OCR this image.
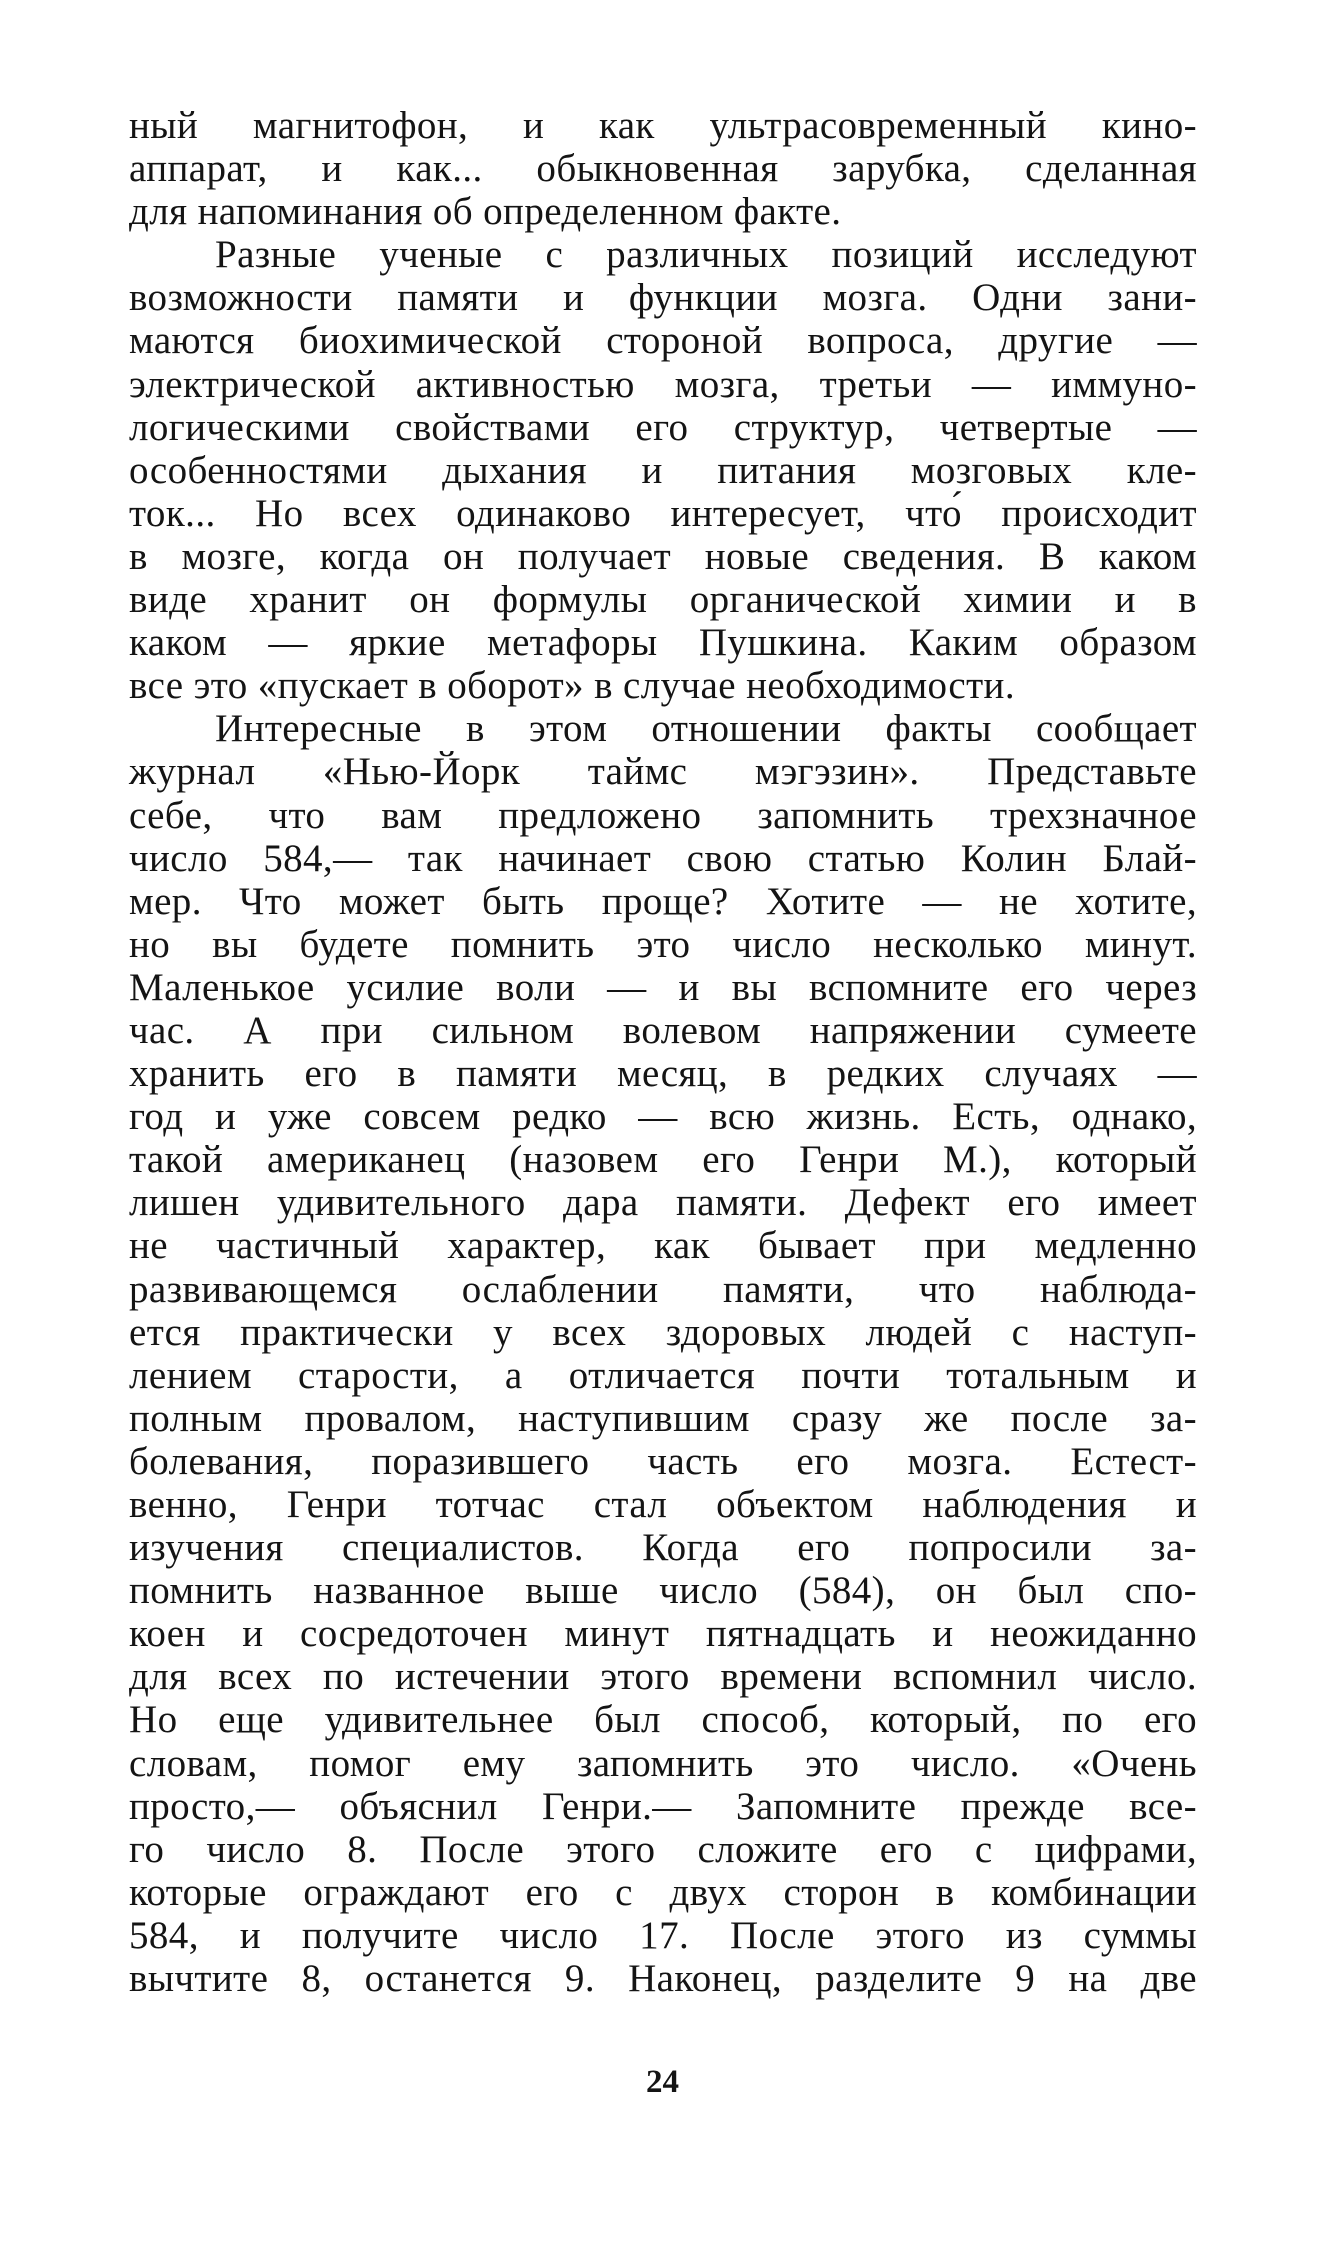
ный магнитофон, и как ультрасовременный кино-
аппарат, и как... обыкновенная зарубка, сделанная
для напоминания об определенном факте.
Разные ученые с различных позиций исследуют
возможности памяти и функции мозга. Одни зани-
маются биохимической стороной вопроса, другие —
электрической активностью мозга, третьи — иммуно-
логическими свойствами его структур, четвертые —
особенностями дыхания и питания мозговых кле-
ток... Но всех одинаково интересует, что́ происходит
в мозге, когда он получает новые сведения. В каком
виде хранит он формулы органической химии и в
каком — яркие метафоры Пушкина. Каким образом
все это «пускает в оборот» в случае необходимости.
Интересные в этом отношении факты сообщает
журнал «Нью-Йорк таймс мэгэзин». Представьте
себе, что вам предложено запомнить трехзначное
число 584,— так начинает свою статью Колин Блай-
мер. Что может быть проще? Хотите — не хотите,
но вы будете помнить это число несколько минут.
Маленькое усилие воли — и вы вспомните его через
час. А при сильном волевом напряжении сумеете
хранить его в памяти месяц, в редких случаях —
год и уже совсем редко — всю жизнь. Есть, однако,
такой американец (назовем его Генри М.), который
лишен удивительного дара памяти. Дефект его имеет
не частичный характер, как бывает при медленно
развивающемся ослаблении памяти, что наблюда-
ется практически у всех здоровых людей с наступ-
лением старости, а отличается почти тотальным и
полным провалом, наступившим сразу же после за-
болевания, поразившего часть его мозга. Естест-
венно, Генри тотчас стал объектом наблюдения и
изучения специалистов. Когда его попросили за-
помнить названное выше число (584), он был спо-
коен и сосредоточен минут пятнадцать и неожиданно
для всех по истечении этого времени вспомнил число.
Но еще удивительнее был способ, который, по его
словам, помог ему запомнить это число. «Очень
просто,— объяснил Генри.— Запомните прежде все-
го число 8. После этого сложите его с цифрами,
которые ограждают его с двух сторон в комбинации
584, и получите число 17. После этого из суммы
вычтите 8, останется 9. Наконец, разделите 9 на две
24
